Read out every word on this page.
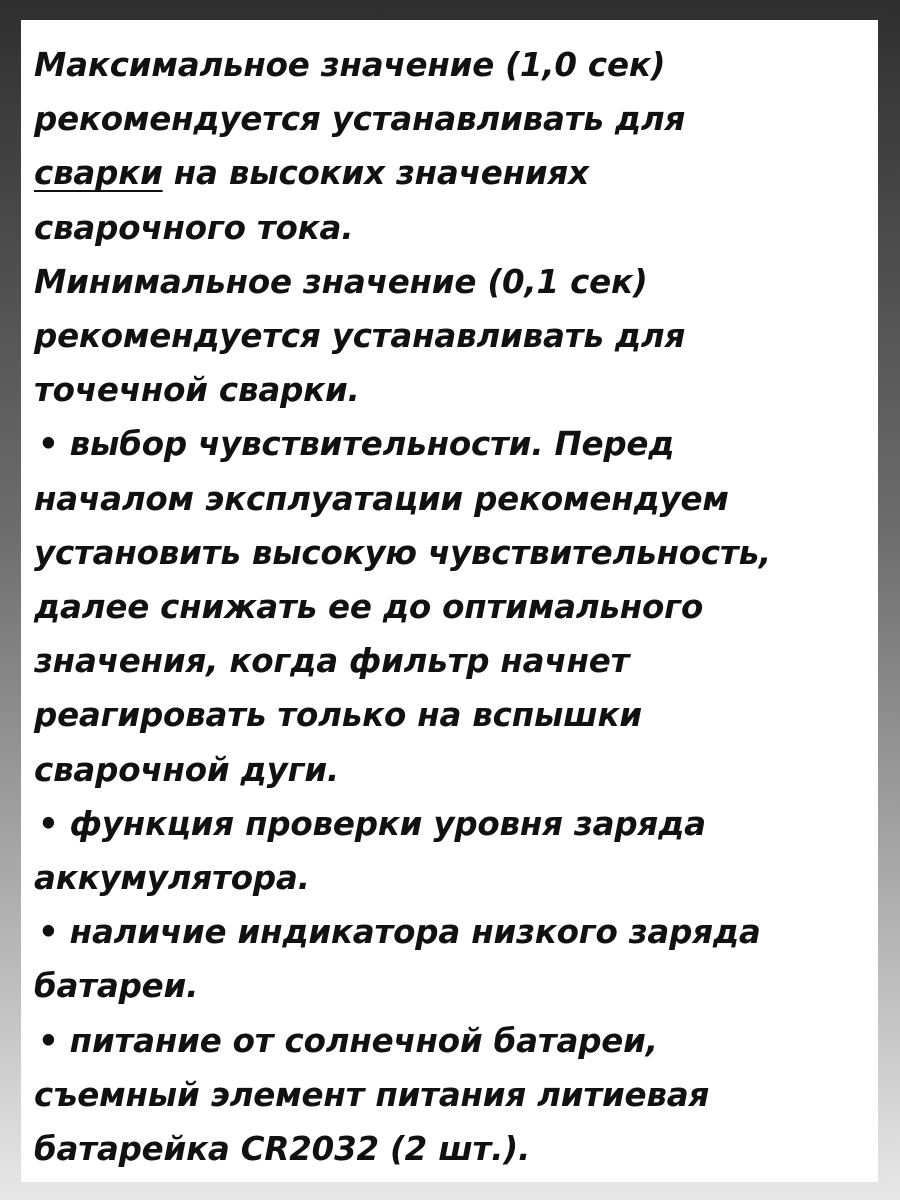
Максимальное значение (1,0 сек)
рекомендуется устанавливать для
сварки на высоких значениях
сварочного тока.
Минимальное значение (0,1 сек)
рекомендуется устанавливать для
точечной сварки.
• выбор чувствительности. Перед
началом эксплуатации рекомендуем
установить высокую чувствительность,
далее снижать ее до оптимального
значения, когда фильтр начнет
реагировать только на вспышки
сварочной дуги.
• функция проверки уровня заряда
аккумулятора.
• наличие индикатора низкого заряда
батареи.
• питание от солнечной батареи,
съемный элемент питания литиевая
батарейка CR2032 (2 шт.).
